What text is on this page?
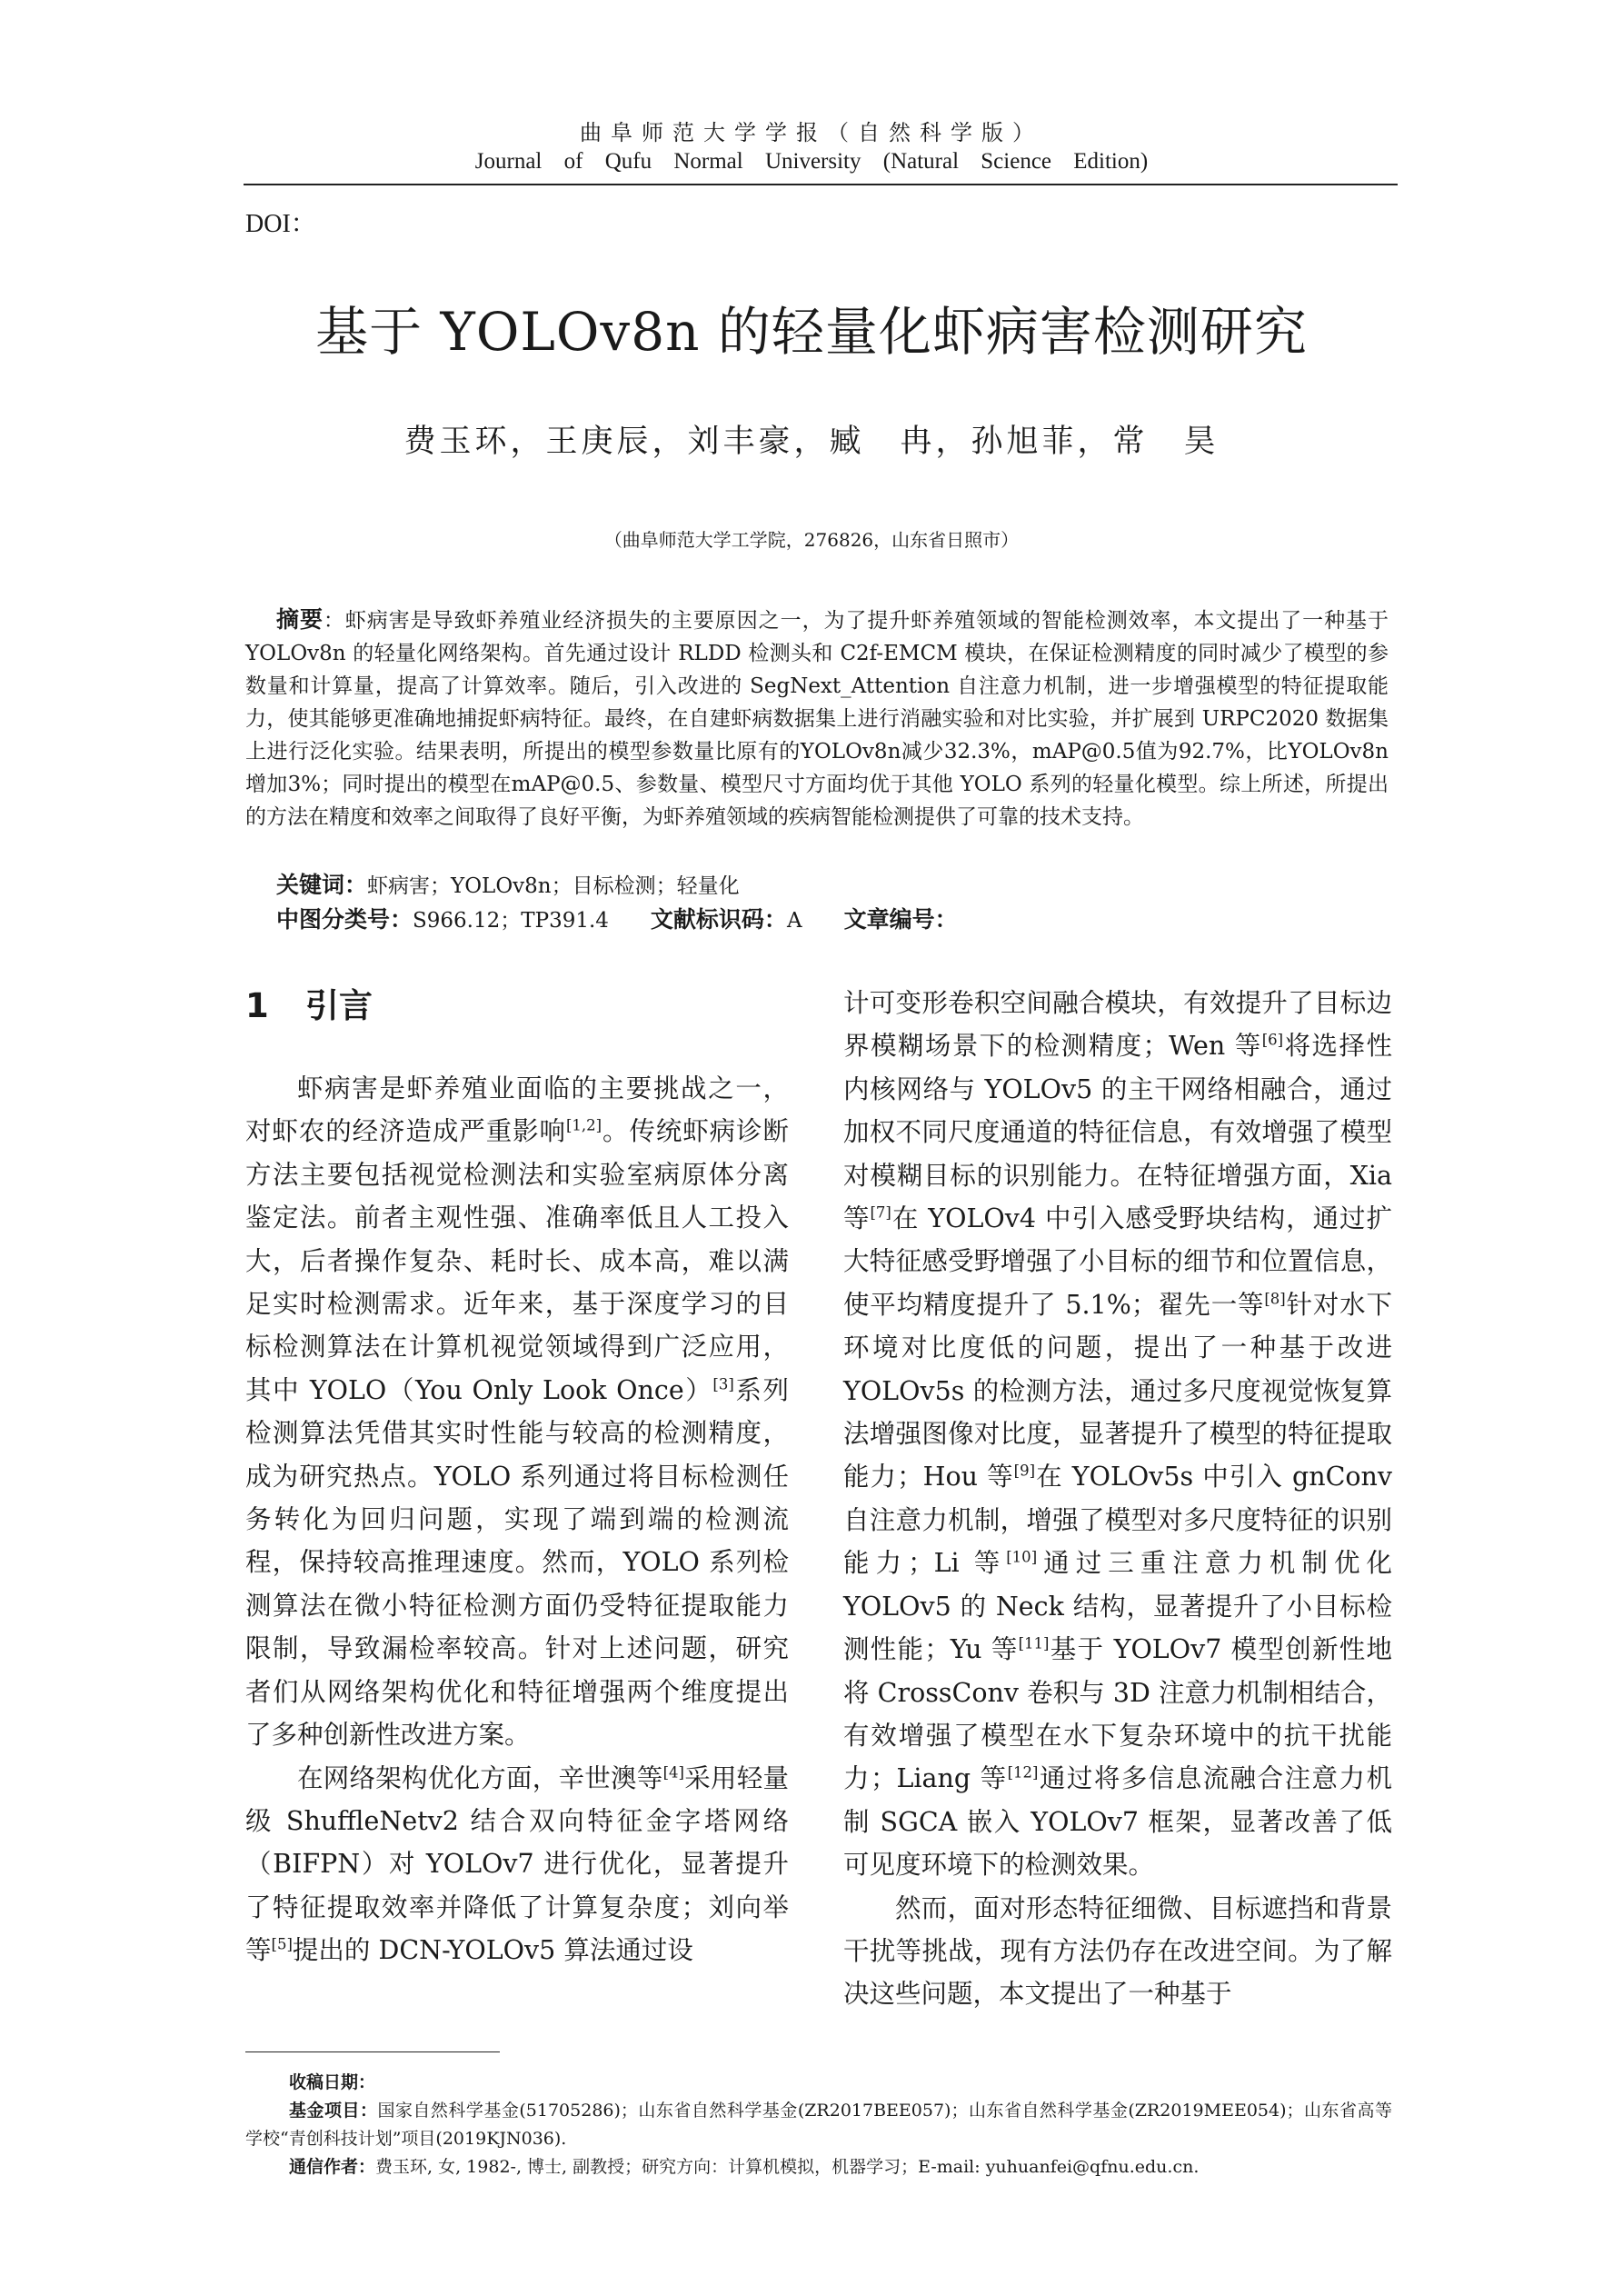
曲阜师范大学学报（自然科学版）
Journal of Qufu Normal University (Natural Science Edition)
DOI：
基于 YOLOv8n 的轻量化虾病害检测研究
费玉环，王庚辰，刘丰豪，臧　冉，孙旭菲，常　昊
（曲阜师范大学工学院，276826，山东省日照市）
摘要：虾病害是导致虾养殖业经济损失的主要原因之一，为了提升虾养殖领域的智能检测效率，本文提出了一种基于 YOLOv8n 的轻量化网络架构。首先通过设计 RLDD 检测头和 C2f-EMCM 模块，在保证检测精度的同时减少了模型的参数量和计算量，提高了计算效率。随后，引入改进的 SegNext_Attention 自注意力机制，进一步增强模型的特征提取能力，使其能够更准确地捕捉虾病特征。最终，在自建虾病数据集上进行消融实验和对比实验，并扩展到 URPC2020 数据集上进行泛化实验。结果表明，所提出的模型参数量比原有的YOLOv8n减少32.3%，mAP@0.5值为92.7%，比YOLOv8n增加3%；同时提出的模型在mAP@0.5、参数量、模型尺寸方面均优于其他 YOLO 系列的轻量化模型。综上所述，所提出的方法在精度和效率之间取得了良好平衡，为虾养殖领域的疾病智能检测提供了可靠的技术支持。
关键词：虾病害；YOLOv8n；目标检测；轻量化
中图分类号：S966.12；TP391.4 文献标识码：A 文章编号：
1 引言

虾病害是虾养殖业面临的主要挑战之一，对虾农的经济造成严重影响[1,2]。传统虾病诊断方法主要包括视觉检测法和实验室病原体分离鉴定法。前者主观性强、准确率低且人工投入大，后者操作复杂、耗时长、成本高，难以满足实时检测需求。近年来，基于深度学习的目标检测算法在计算机视觉领域得到广泛应用，其中 YOLO（You Only Look Once）[3]系列检测算法凭借其实时性能与较高的检测精度，成为研究热点。YOLO 系列通过将目标检测任务转化为回归问题，实现了端到端的检测流程，保持较高推理速度。然而，YOLO 系列检测算法在微小特征检测方面仍受特征提取能力限制，导致漏检率较高。针对上述问题，研究者们从网络架构优化和特征增强两个维度提出了多种创新性改进方案。

在网络架构优化方面，辛世澳等[4]采用轻量级 ShuffleNetv2 结合双向特征金字塔网络（BIFPN）对 YOLOv7 进行优化，显著提升了特征提取效率并降低了计算复杂度；刘向举等[5]提出的 DCN-YOLOv5 算法通过设

计可变形卷积空间融合模块，有效提升了目标边界模糊场景下的检测精度；Wen 等[6]将选择性内核网络与 YOLOv5 的主干网络相融合，通过加权不同尺度通道的特征信息，有效增强了模型对模糊目标的识别能力。在特征增强方面，Xia 等[7]在 YOLOv4 中引入感受野块结构，通过扩大特征感受野增强了小目标的细节和位置信息，使平均精度提升了 5.1%；翟先一等[8]针对水下环境对比度低的问题，提出了一种基于改进 YOLOv5s 的检测方法，通过多尺度视觉恢复算法增强图像对比度，显著提升了模型的特征提取能力；Hou 等[9]在 YOLOv5s 中引入 gnConv 自注意力机制，增强了模型对多尺度特征的识别能力；Li 等[10]通过三重注意力机制优化 YOLOv5 的 Neck 结构，显著提升了小目标检测性能；Yu 等[11]基于 YOLOv7 模型创新性地将 CrossConv 卷积与 3D 注意力机制相结合，有效增强了模型在水下复杂环境中的抗干扰能力；Liang 等[12]通过将多信息流融合注意力机制 SGCA 嵌入 YOLOv7 框架，显著改善了低可见度环境下的检测效果。

然而，面对形态特征细微、目标遮挡和背景干扰等挑战，现有方法仍存在改进空间。为了解决这些问题，本文提出了一种基于

收稿日期：
基金项目：国家自然科学基金(51705286)；山东省自然科学基金(ZR2017BEE057)；山东省自然科学基金(ZR2019MEE054)；山东省高等学校“青创科技计划”项目(2019KJN036).
通信作者：费玉环, 女, 1982-, 博士, 副教授；研究方向：计算机模拟，机器学习；E-mail: yuhuanfei@qfnu.edu.cn.
